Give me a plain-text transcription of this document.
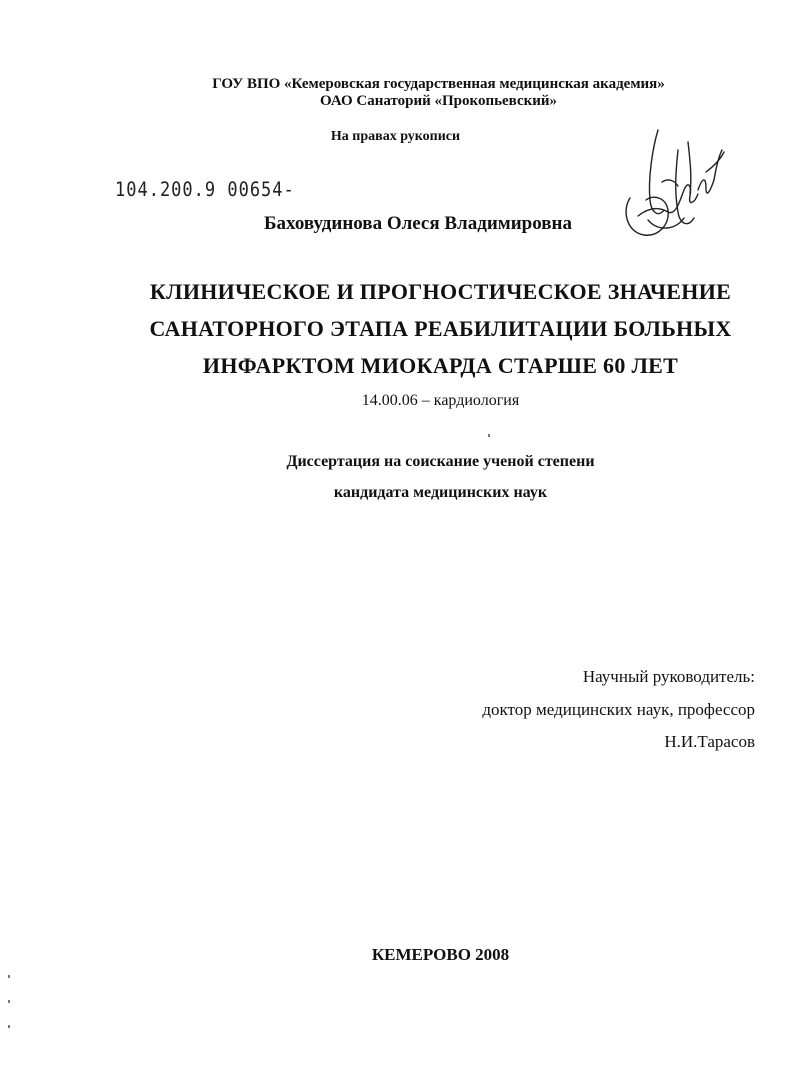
ГОУ ВПО «Кемеровская государственная медицинская академия»
ОАО Санаторий «Прокопьевский»
На правах рукописи
104.200.9 00654-
Баховудинова Олеся Владимировна
КЛИНИЧЕСКОЕ И ПРОГНОСТИЧЕСКОЕ ЗНАЧЕНИЕ
САНАТОРНОГО ЭТАПА РЕАБИЛИТАЦИИ БОЛЬНЫХ
ИНФАРКТОМ МИОКАРДА СТАРШЕ 60 ЛЕТ
14.00.06 – кардиология
Диссертация на соискание ученой степени
кандидата медицинских наук
Научный руководитель:
доктор медицинских наук, профессор
Н.И.Тарасов
КЕМЕРОВО 2008
